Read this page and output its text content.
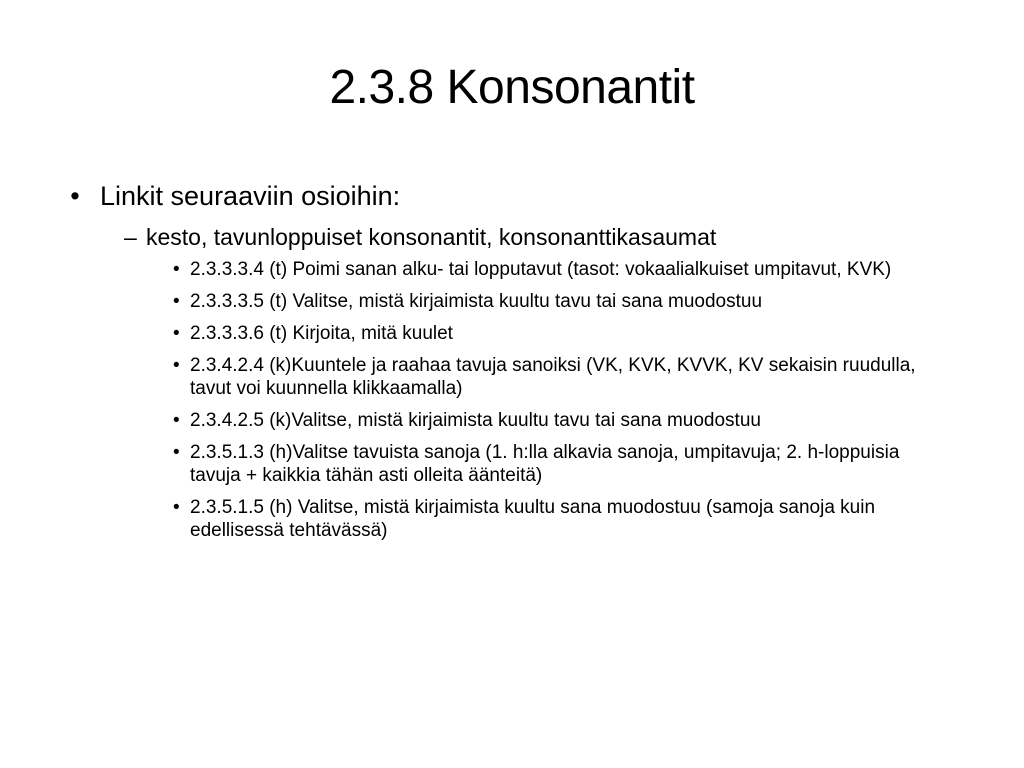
2.3.8 Konsonantit
• Linkit seuraaviin osioihin:
– kesto, tavunloppuiset konsonantit, konsonanttikasaumat
• 2.3.3.3.4 (t) Poimi sanan alku- tai lopputavut (tasot: vokaalialkuiset umpitavut, KVK)
• 2.3.3.3.5 (t) Valitse, mistä kirjaimista kuultu tavu tai sana muodostuu
• 2.3.3.3.6 (t) Kirjoita, mitä kuulet
• 2.3.4.2.4 (k)Kuuntele ja raahaa tavuja sanoiksi (VK, KVK, KVVK, KV sekaisin ruudulla, tavut voi kuunnella klikkaamalla)
• 2.3.4.2.5 (k)Valitse, mistä kirjaimista kuultu tavu tai sana muodostuu
• 2.3.5.1.3 (h)Valitse tavuista sanoja (1. h:lla alkavia sanoja, umpitavuja; 2. h-loppuisia tavuja + kaikkia tähän asti olleita äänteitä)
• 2.3.5.1.5 (h) Valitse, mistä kirjaimista kuultu sana muodostuu (samoja sanoja kuin edellisessä tehtävässä)
